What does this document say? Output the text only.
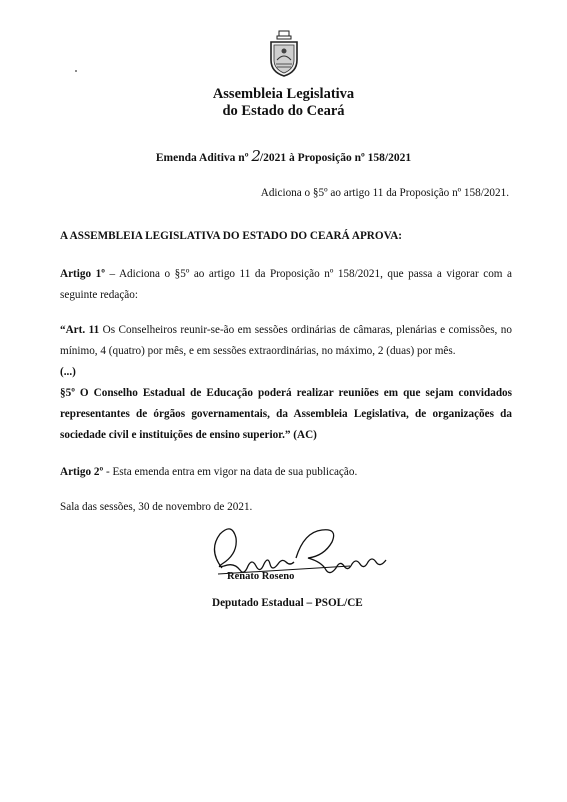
Assembleia Legislativa
do Estado do Ceará
Emenda Aditiva nº 2/2021 à Proposição nº 158/2021
Adiciona o §5º ao artigo 11 da Proposição nº 158/2021.
A ASSEMBLEIA LEGISLATIVA DO ESTADO DO CEARÁ APROVA:
Artigo 1º – Adiciona o §5º ao artigo 11 da Proposição nº 158/2021, que passa a vigorar com a seguinte redação:
“Art. 11 Os Conselheiros reunir-se-ão em sessões ordinárias de câmaras, plenárias e comissões, no mínimo, 4 (quatro) por mês, e em sessões extraordinárias, no máximo, 2 (duas) por mês.
(...)
§5º O Conselho Estadual de Educação poderá realizar reuniões em que sejam convidados representantes de órgãos governamentais, da Assembleia Legislativa, de organizações da sociedade civil e instituições de ensino superior.” (AC)
Artigo 2º - Esta emenda entra em vigor na data de sua publicação.
Sala das sessões, 30 de novembro de 2021.
Renato Roseno
Deputado Estadual – PSOL/CE
